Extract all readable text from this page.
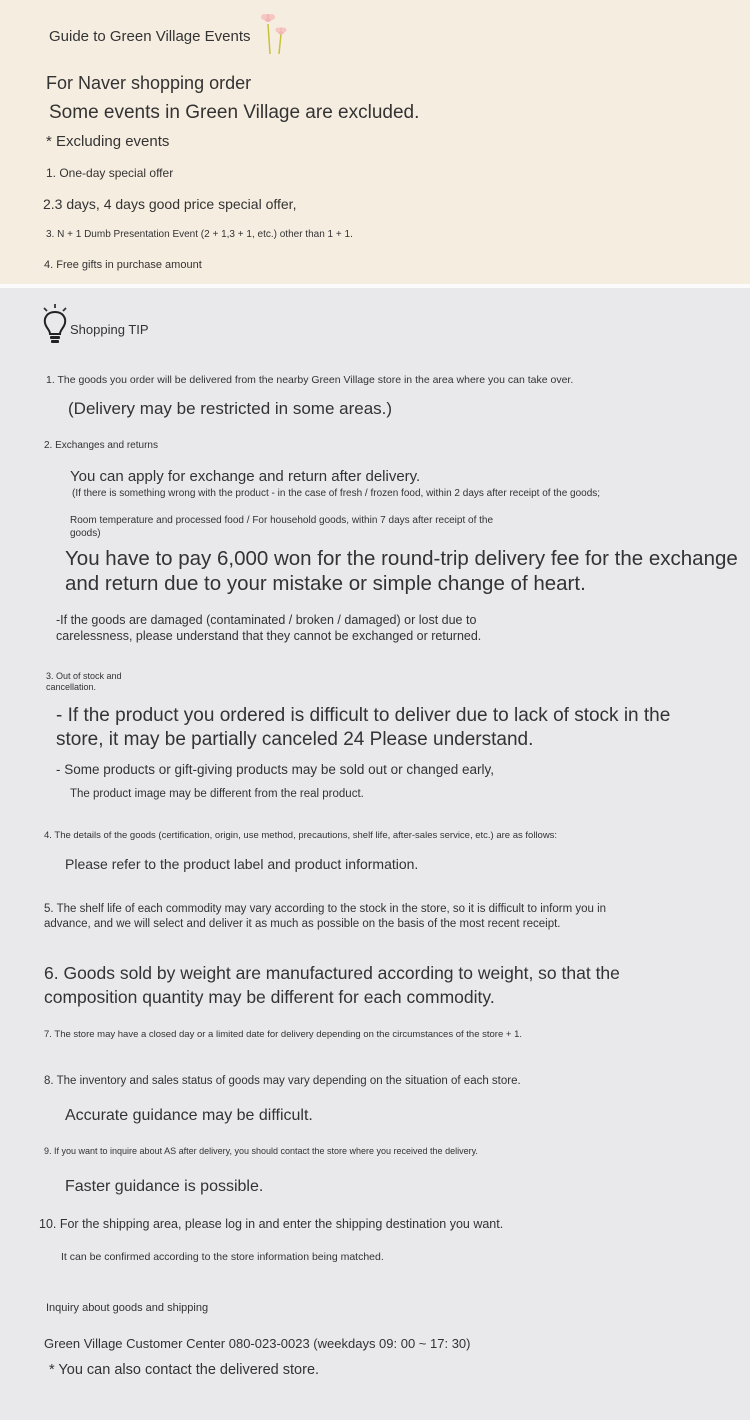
Guide to Green Village Events
For Naver shopping order
Some events in Green Village are excluded.
* Excluding events
1. One-day special offer
2.3 days, 4 days good price special offer,
3. N + 1 Dumb Presentation Event (2 + 1,3 + 1, etc.) other than 1 + 1.
4. Free gifts in purchase amount
Shopping TIP
1. The goods you order will be delivered from the nearby Green Village store in the area where you can take over.
(Delivery may be restricted in some areas.)
2. Exchanges and returns
You can apply for exchange and return after delivery.
(If there is something wrong with the product - in the case of fresh / frozen food, within 2 days after receipt of the goods;
Room temperature and processed food / For household goods, within 7 days after receipt of the goods)
You have to pay 6,000 won for the round-trip delivery fee for the exchange and return due to your mistake or simple change of heart.
-If the goods are damaged (contaminated / broken / damaged) or lost due to carelessness, please understand that they cannot be exchanged or returned.
3. Out of stock and cancellation.
- If the product you ordered is difficult to deliver due to lack of stock in the store, it may be partially canceled 24 Please understand.
- Some products or gift-giving products may be sold out or changed early,
The product image may be different from the real product.
4. The details of the goods (certification, origin, use method, precautions, shelf life, after-sales service, etc.) are as follows:
Please refer to the product label and product information.
5. The shelf life of each commodity may vary according to the stock in the store, so it is difficult to inform you in advance, and we will select and deliver it as much as possible on the basis of the most recent receipt.
6. Goods sold by weight are manufactured according to weight, so that the composition quantity may be different for each commodity.
7. The store may have a closed day or a limited date for delivery depending on the circumstances of the store + 1.
8. The inventory and sales status of goods may vary depending on the situation of each store.
Accurate guidance may be difficult.
9. If you want to inquire about AS after delivery, you should contact the store where you received the delivery.
Faster guidance is possible.
10. For the shipping area, please log in and enter the shipping destination you want.
It can be confirmed according to the store information being matched.
Inquiry about goods and shipping
Green Village Customer Center 080-023-0023 (weekdays 09: 00 ~ 17: 30)
* You can also contact the delivered store.
